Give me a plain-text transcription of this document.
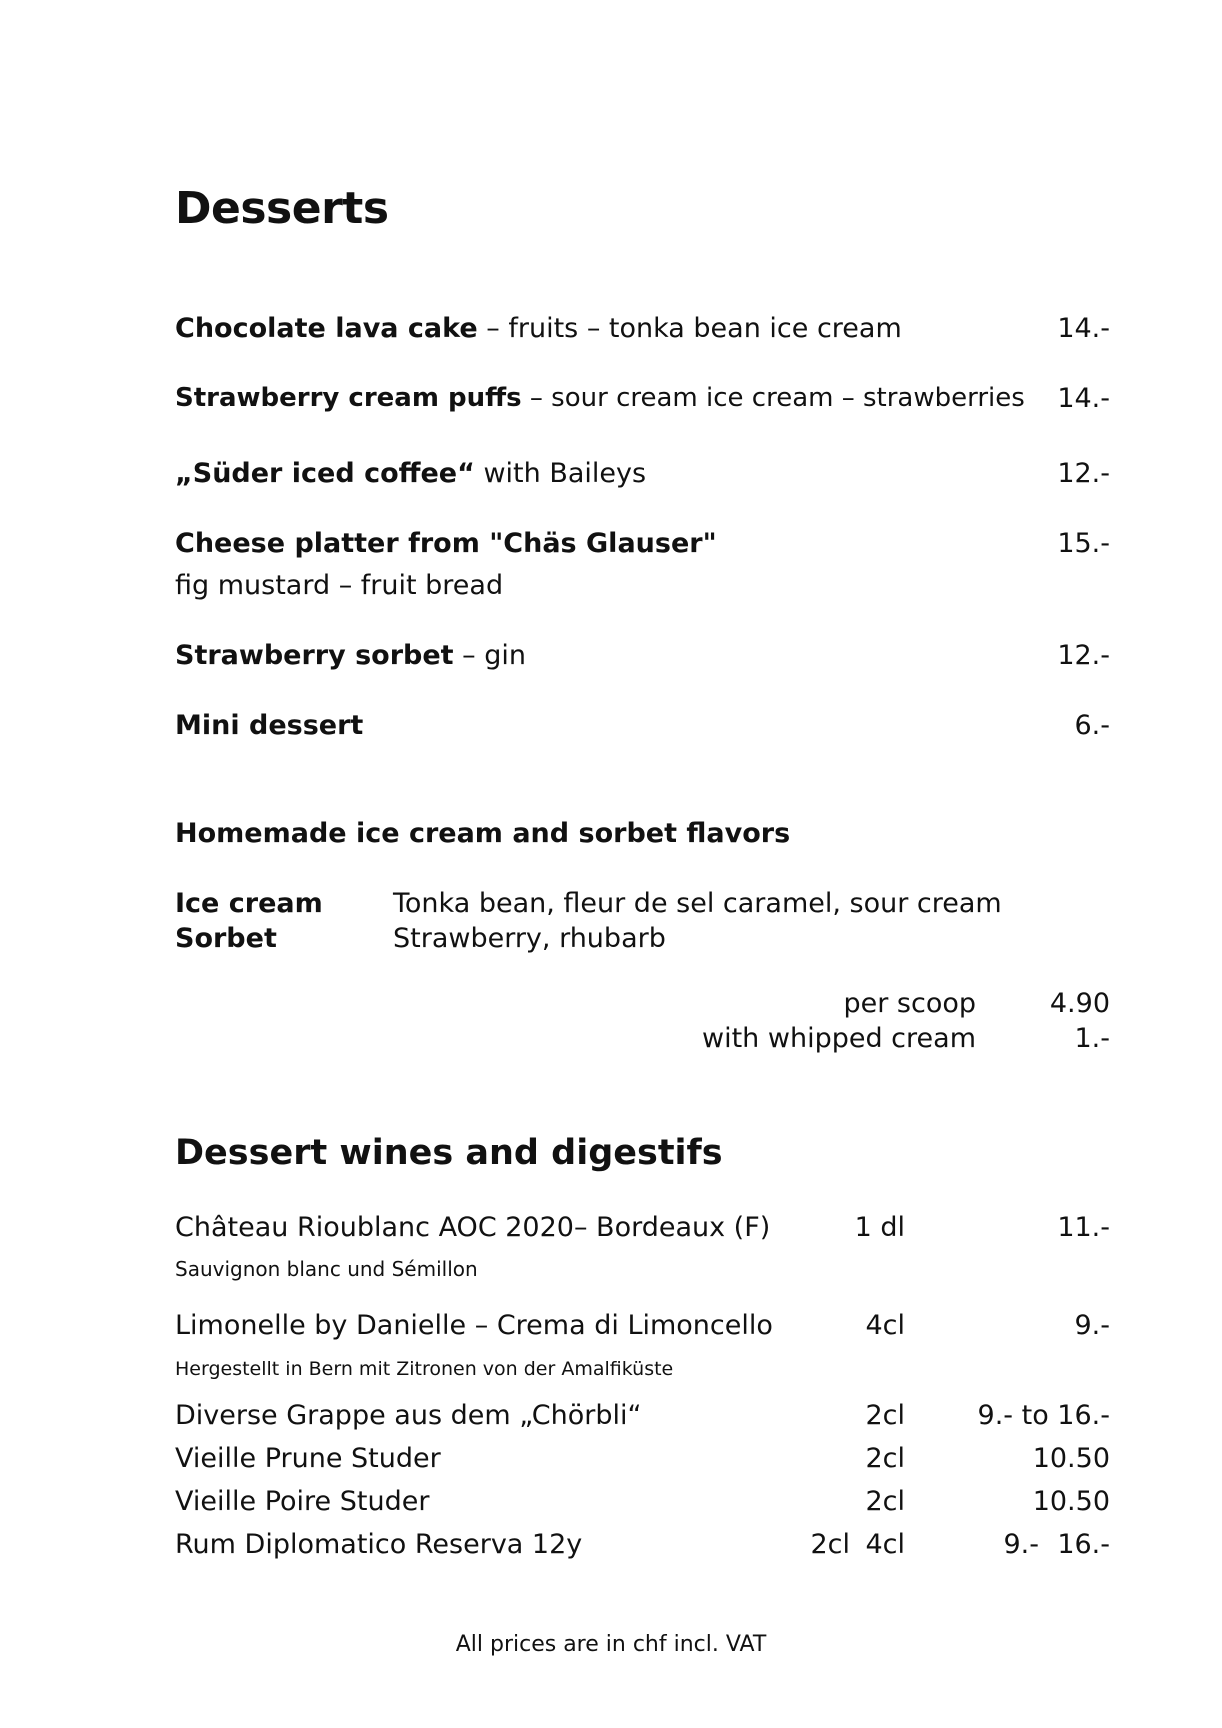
Desserts
Chocolate lava cake – fruits – tonka bean ice cream	14.-
Strawberry cream puffs – sour cream ice cream – strawberries 14.-
„Süder iced coffee“ with Baileys	12.-
Cheese platter from "Chäs Glauser"	15.-
fig mustard – fruit bread
Strawberry sorbet – gin	12.-
Mini dessert	6.-
Homemade ice cream and sorbet flavors
Ice cream	Tonka bean, fleur de sel caramel, sour cream
Sorbet	Strawberry, rhubarb
per scoop	4.90
with whipped cream	1.-
Dessert wines and digestifs
Château Rioublanc AOC 2020– Bordeaux (F)	1 dl	11.-
Sauvignon blanc und Sémillon
Limonelle by Danielle – Crema di Limoncello	4cl	9.-
Hergestellt in Bern mit Zitronen von der Amalfiküste
Diverse Grappe aus dem „Chörbli“	2cl	9.- to 16.-
Vieille Prune Studer	2cl	10.50
Vieille Poire Studer	2cl	10.50
Rum Diplomatico Reserva 12y	2cl 4cl	9.- 16.-
All prices are in chf incl. VAT
